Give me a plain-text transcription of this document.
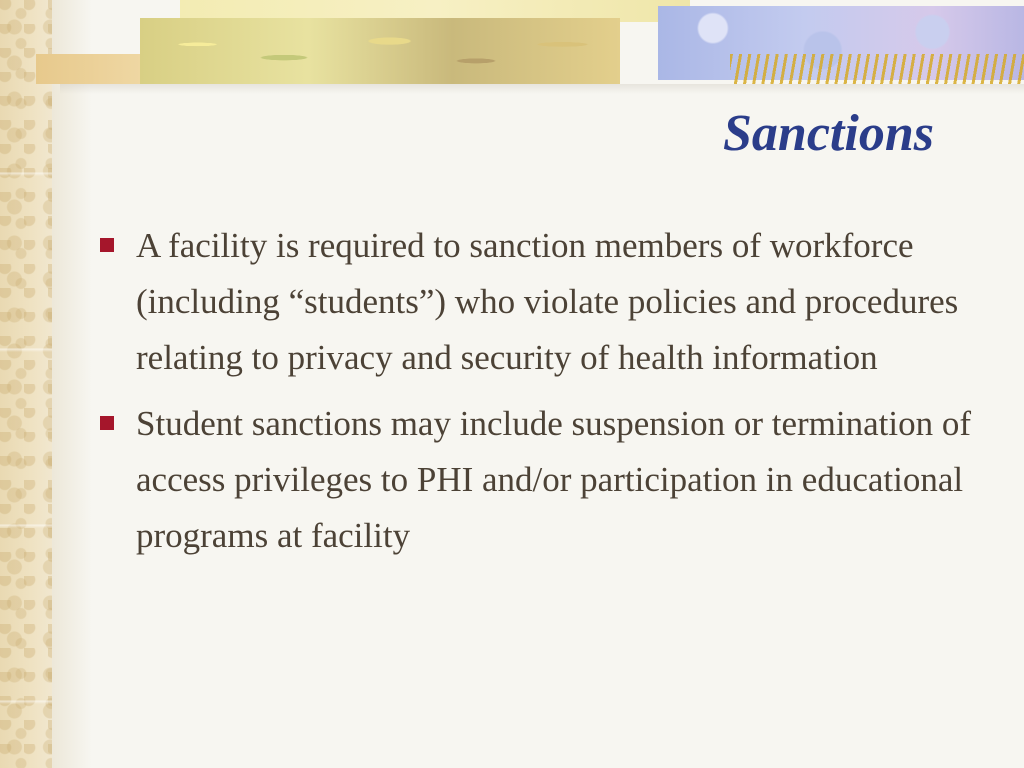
Sanctions
A facility is required to sanction members of workforce (including “students”) who violate policies and procedures relating to privacy and security of health information
Student sanctions may include suspension or termination of access privileges to PHI and/or participation in educational programs at facility
